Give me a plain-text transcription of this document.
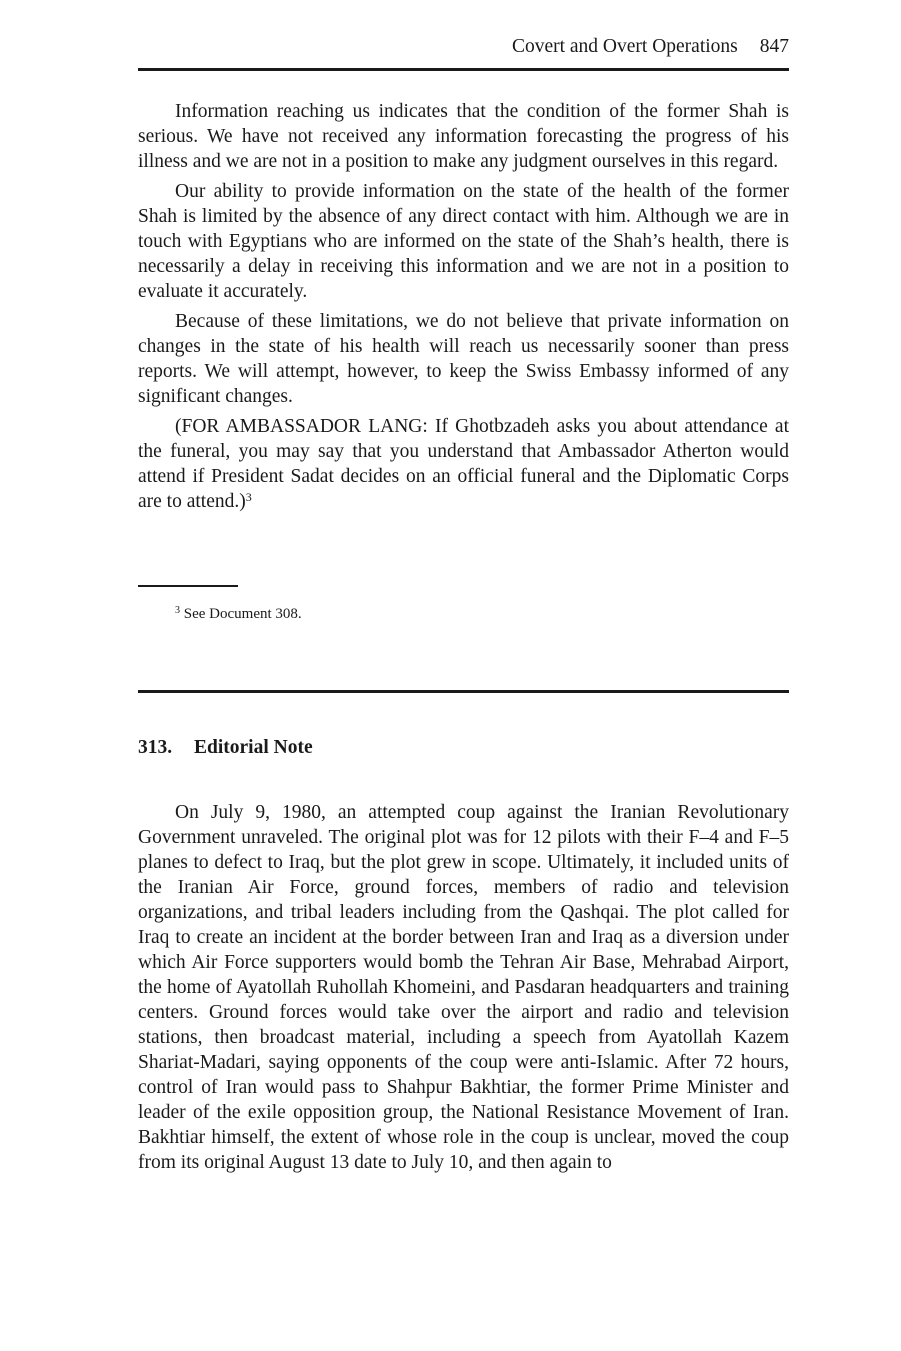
Covert and Overt Operations 847

Information reaching us indicates that the condition of the former Shah is serious. We have not received any information forecasting the progress of his illness and we are not in a position to make any judgment ourselves in this regard.

Our ability to provide information on the state of the health of the former Shah is limited by the absence of any direct contact with him. Although we are in touch with Egyptians who are informed on the state of the Shah’s health, there is necessarily a delay in receiving this information and we are not in a position to evaluate it accurately.

Because of these limitations, we do not believe that private information on changes in the state of his health will reach us necessarily sooner than press reports. We will attempt, however, to keep the Swiss Embassy informed of any significant changes.

(FOR AMBASSADOR LANG: If Ghotbzadeh asks you about attendance at the funeral, you may say that you understand that Ambassador Atherton would attend if President Sadat decides on an official funeral and the Diplomatic Corps are to attend.)$^3$

$^3$ See Document 308.
313. Editorial Note

On July 9, 1980, an attempted coup against the Iranian Revolutionary Government unraveled. The original plot was for 12 pilots with their F–4 and F–5 planes to defect to Iraq, but the plot grew in scope. Ultimately, it included units of the Iranian Air Force, ground forces, members of radio and television organizations, and tribal leaders including from the Qashqai. The plot called for Iraq to create an incident at the border between Iran and Iraq as a diversion under which Air Force supporters would bomb the Tehran Air Base, Mehrabad Airport, the home of Ayatollah Ruhollah Khomeini, and Pasdaran headquarters and training centers. Ground forces would take over the airport and radio and television stations, then broadcast material, including a speech from Ayatollah Kazem Shariat-Madari, saying opponents of the coup were anti-Islamic. After 72 hours, control of Iran would pass to Shahpur Bakhtiar, the former Prime Minister and leader of the exile opposition group, the National Resistance Movement of Iran. Bakhtiar himself, the extent of whose role in the coup is unclear, moved the coup from its original August 13 date to July 10, and then again to
